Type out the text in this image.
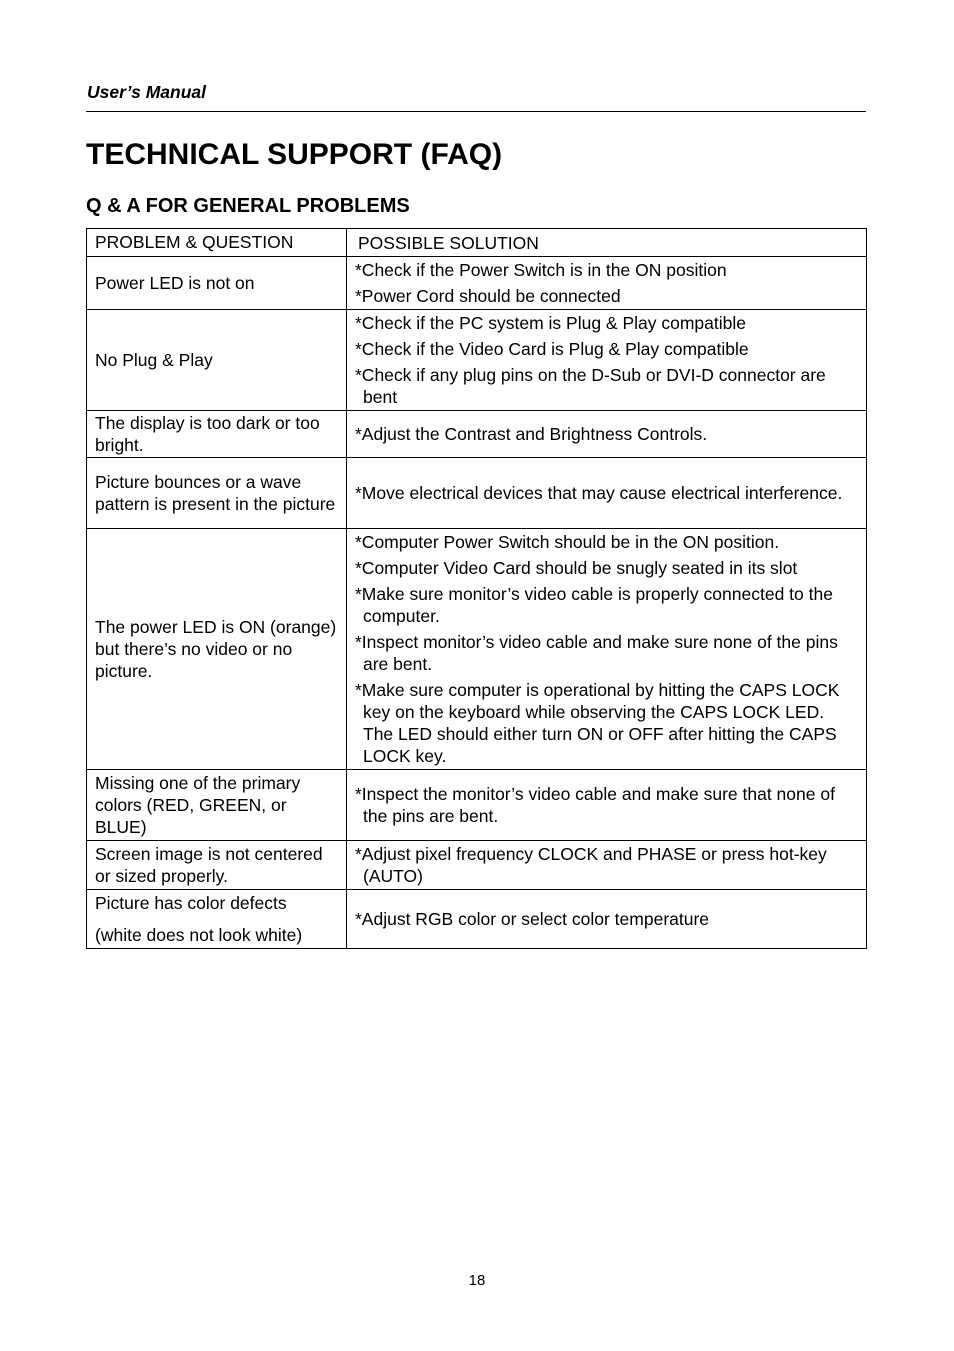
User’s Manual
TECHNICAL SUPPORT (FAQ)
Q & A FOR GENERAL PROBLEMS
PROBLEM & QUESTION	POSSIBLE SOLUTION

Power LED is not on	*Check if the Power Switch is in the ON position
*Power Cord should be connected

No Plug & Play	*Check if the PC system is Plug & Play compatible
*Check if the Video Card is Plug & Play compatible
*Check if any plug pins on the D-Sub or DVI-D connector are bent

The display is too dark or too bright.	*Adjust the Contrast and Brightness Controls.

Picture bounces or a wave pattern is present in the picture	*Move electrical devices that may cause electrical interference.

The power LED is ON (orange) but there’s no video or no picture.	*Computer Power Switch should be in the ON position.
*Computer Video Card should be snugly seated in its slot
*Make sure monitor’s video cable is properly connected to the computer.
*Inspect monitor’s video cable and make sure none of the pins are bent.
*Make sure computer is operational by hitting the CAPS LOCK key on the keyboard while observing the CAPS LOCK LED. The LED should either turn ON or OFF after hitting the CAPS LOCK key.

Missing one of the primary colors (RED, GREEN, or BLUE)	*Inspect the monitor’s video cable and make sure that none of the pins are bent.

Screen image is not centered or sized properly.	*Adjust pixel frequency CLOCK and PHASE or press hot-key (AUTO)

Picture has color defects
(white does not look white)	*Adjust RGB color or select color temperature
18
